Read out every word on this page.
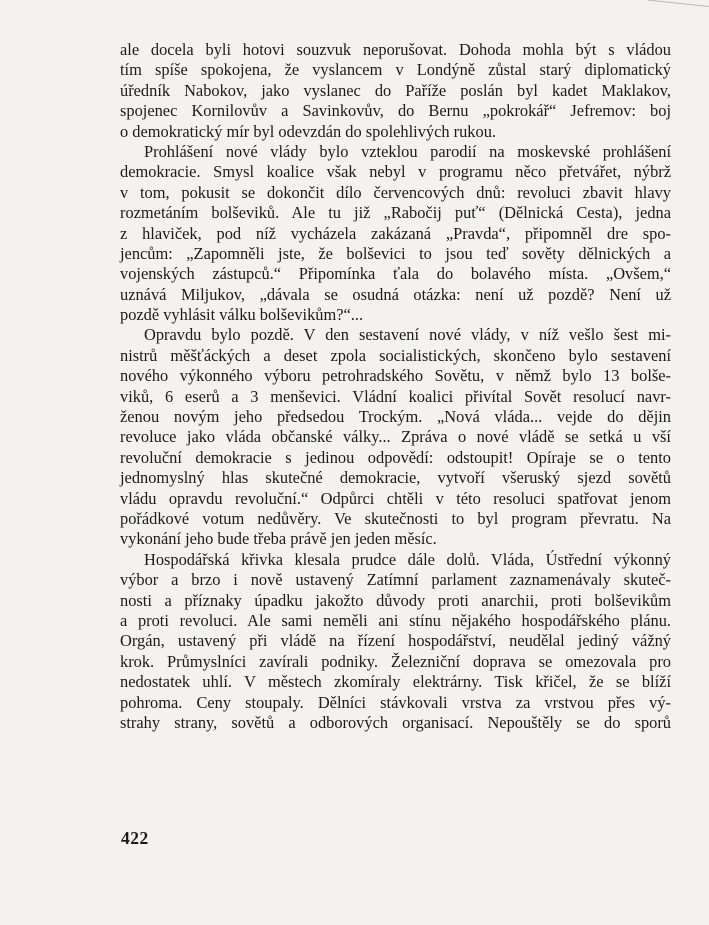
ale docela byli hotovi souzvuk neporušovat. Dohoda mohla být s vládou
tím spíše spokojena, že vyslancem v Londýně zůstal starý diplomatický
úředník Nabokov, jako vyslanec do Paříže poslán byl kadet Maklakov,
spojenec Kornilovův a Savinkovův, do Bernu „pokrokář“ Jefremov: boj
o demokratický mír byl odevzdán do spolehlivých rukou.
Prohlášení nové vlády bylo vzteklou parodií na moskevské prohlášení
demokracie. Smysl koalice však nebyl v programu něco přetvářet, nýbrž
v tom, pokusit se dokončit dílo červencových dnů: revoluci zbavit hlavy
rozmetáním bolševiků. Ale tu již „Rabočij puť“ (Dělnická Cesta), jedna
z hlaviček, pod níž vycházela zakázaná „Pravda“, připomněl dre spo-
jencům: „Zapomněli jste, že bolševici to jsou teď sověty dělnických a
vojenských zástupců.“ Připomínka ťala do bolavého místa. „Ovšem,“
uznává Miljukov, „dávala se osudná otázka: není už pozdě? Není už
pozdě vyhlásit válku bolševikům?“...
Opravdu bylo pozdě. V den sestavení nové vlády, v níž vešlo šest mi-
nistrů měšťáckých a deset zpola socialistických, skončeno bylo sestavení
nového výkonného výboru petrohradského Sovětu, v němž bylo 13 bolše-
viků, 6 eserů a 3 menševici. Vládní koalici přivítal Sovět resolucí navr-
ženou novým jeho předsedou Trockým. „Nová vláda... vejde do dějin
revoluce jako vláda občanské války... Zpráva o nové vládě se setká u vší
revoluční demokracie s jedinou odpovědí: odstoupit! Opíraje se o tento
jednomyslný hlas skutečné demokracie, vytvoří všeruský sjezd sovětů
vládu opravdu revoluční.“ Odpůrci chtěli v této resoluci spatřovat jenom
pořádkové votum nedůvěry. Ve skutečnosti to byl program převratu. Na
vykonání jeho bude třeba právě jen jeden měsíc.
Hospodářská křivka klesala prudce dále dolů. Vláda, Ústřední výkonný
výbor a brzo i nově ustavený Zatímní parlament zaznamenávaly skuteč-
nosti a příznaky úpadku jakožto důvody proti anarchii, proti bolševikům
a proti revoluci. Ale sami neměli ani stínu nějakého hospodářského plánu.
Orgán, ustavený při vládě na řízení hospodářství, neudělal jediný vážný
krok. Průmyslníci zavírali podniky. Železniční doprava se omezovala pro
nedostatek uhlí. V městech zkomíraly elektrárny. Tisk křičel, že se blíží
pohroma. Ceny stoupaly. Dělníci stávkovali vrstva za vrstvou přes vý-
strahy strany, sovětů a odborových organisací. Nepouštěly se do sporů
422
